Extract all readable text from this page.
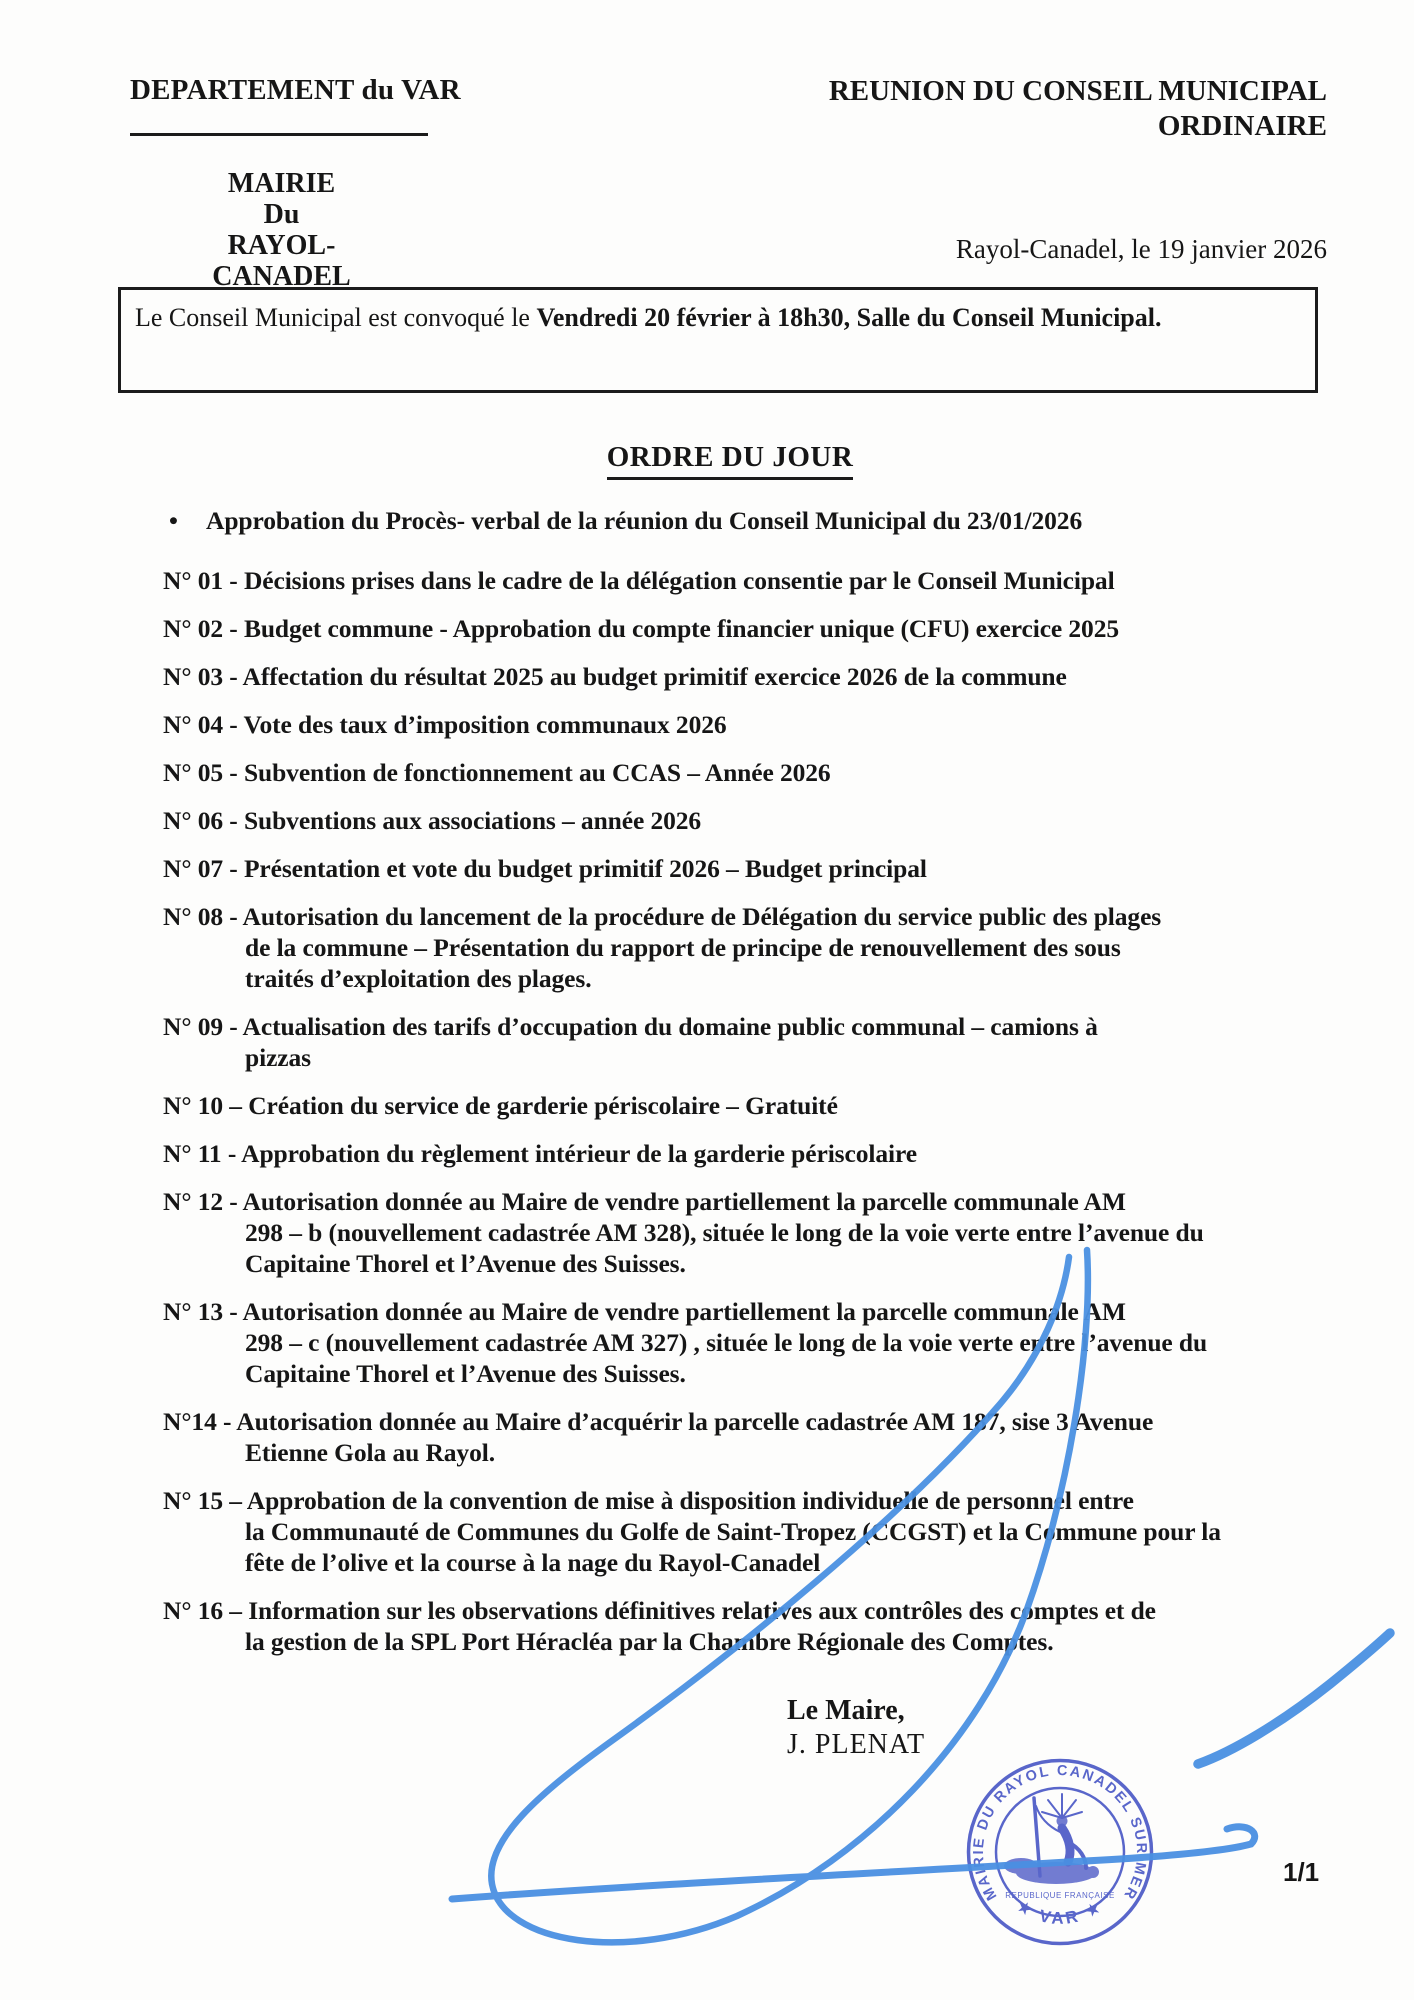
DEPARTEMENT du VAR	REUNION DU CONSEIL MUNICIPAL
ORDINAIRE
MAIRIE
Du
RAYOL-CANADEL
Rayol-Canadel, le 19 janvier 2026
Le Conseil Municipal est convoqué le Vendredi 20 février à 18h30, Salle du Conseil Municipal.
ORDRE DU JOUR
• Approbation du Procès- verbal de la réunion du Conseil Municipal du 23/01/2026
N° 01 - Décisions prises dans le cadre de la délégation consentie par le Conseil Municipal
N° 02 - Budget commune - Approbation du compte financier unique (CFU) exercice 2025
N° 03 - Affectation du résultat 2025 au budget primitif exercice 2026 de la commune
N° 04 - Vote des taux d’imposition communaux 2026
N° 05 - Subvention de fonctionnement au CCAS – Année 2026
N° 06 - Subventions aux associations – année 2026
N° 07 - Présentation et vote du budget primitif 2026 – Budget principal
N° 08 - Autorisation du lancement de la procédure de Délégation du service public des plages
de la commune – Présentation du rapport de principe de renouvellement des sous
traités d’exploitation des plages.
N° 09 - Actualisation des tarifs d’occupation du domaine public communal – camions à
pizzas
N° 10 – Création du service de garderie périscolaire – Gratuité
N° 11 - Approbation du règlement intérieur de la garderie périscolaire
N° 12 - Autorisation donnée au Maire de vendre partiellement la parcelle communale AM
298 – b (nouvellement cadastrée AM 328), située le long de la voie verte entre l’avenue du
Capitaine Thorel et l’Avenue des Suisses.
N° 13 - Autorisation donnée au Maire de vendre partiellement la parcelle communale AM
298 – c (nouvellement cadastrée AM 327) , située le long de la voie verte entre l’avenue du
Capitaine Thorel et l’Avenue des Suisses.
N°14 - Autorisation donnée au Maire d’acquérir la parcelle cadastrée AM 187, sise 3 Avenue
Etienne Gola au Rayol.
N° 15 – Approbation de la convention de mise à disposition individuelle de personnel entre
la Communauté de Communes du Golfe de Saint-Tropez (CCGST) et la Commune pour la
fête de l’olive et la course à la nage du Rayol-Canadel
N° 16 – Information sur les observations définitives relatives aux contrôles des comptes et de
la gestion de la SPL Port Héracléa par la Chambre Régionale des Comptes.
Le Maire,
J. PLENAT
1/1
MAIRIE DU RAYOL CANADEL SUR MER
★ VAR ★
REPUBLIQUE FRANÇAISE
